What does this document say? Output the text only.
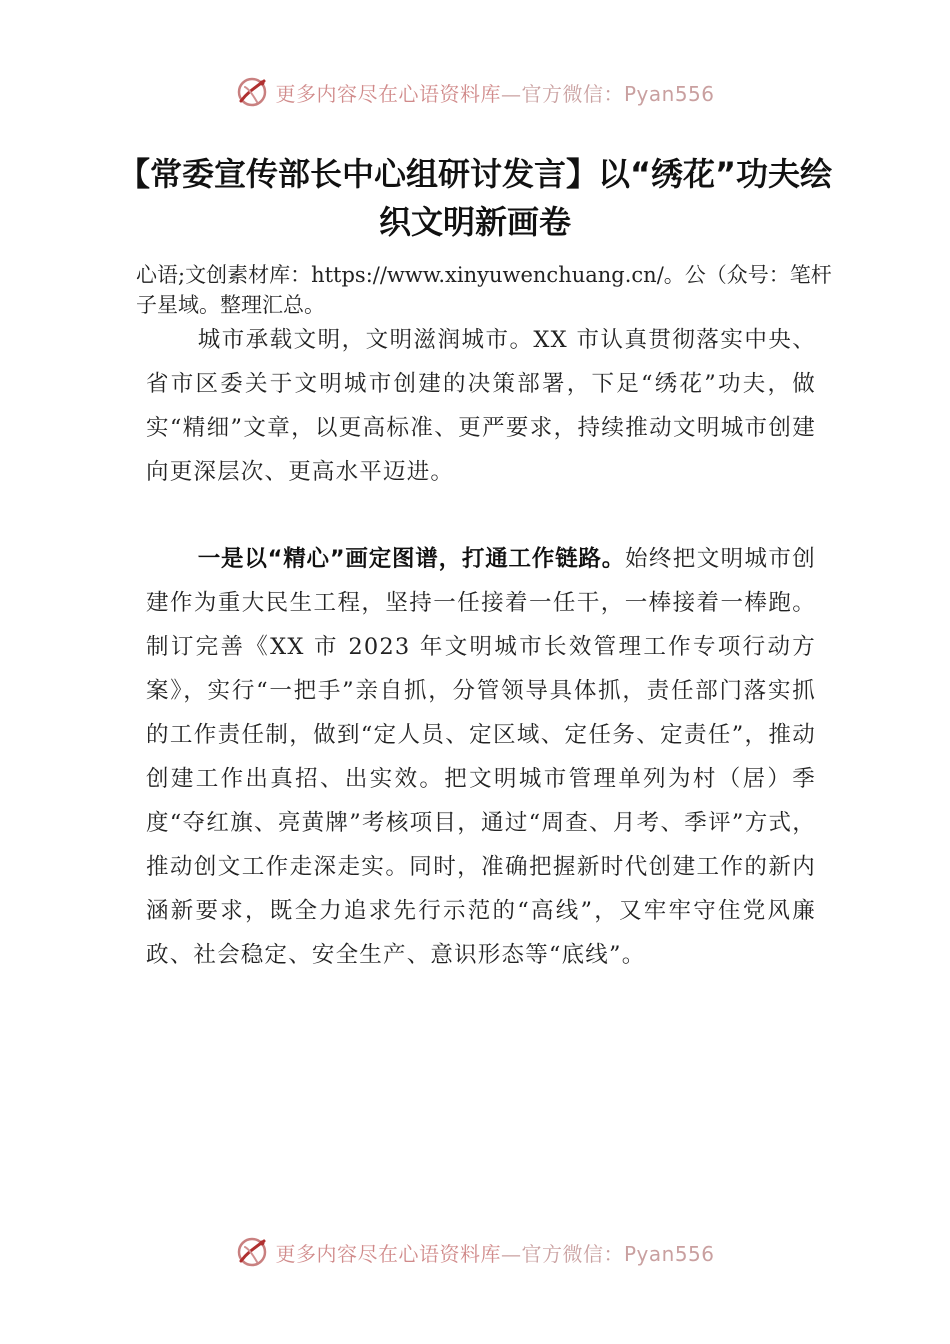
更多内容尽在心语资料库—官方微信：Pyan556
【常委宣传部长中心组研讨发言】以“绣花”功夫绘织文明新画卷
心语;文创素材库：https://www.xinyuwenchuang.cn/。公（众号：笔杆子星域。整理汇总。

城市承载文明，文明滋润城市。XX 市认真贯彻落实中央、省市区委关于文明城市创建的决策部署，下足“绣花”功夫，做实“精细”文章，以更高标准、更严要求，持续推动文明城市创建向更深层次、更高水平迈进。

一是以“精心”画定图谱，打通工作链路。始终把文明城市创建作为重大民生工程，坚持一任接着一任干，一棒接着一棒跑。制订完善《XX 市 2023 年文明城市长效管理工作专项行动方案》，实行“一把手”亲自抓，分管领导具体抓，责任部门落实抓的工作责任制，做到“定人员、定区域、定任务、定责任”，推动创建工作出真招、出实效。把文明城市管理单列为村（居）季度“夺红旗、亮黄牌”考核项目，通过“周查、月考、季评”方式， 推动创文工作走深走实。同时，准确把握新时代创建工作的新内涵新要求，既全力追求先行示范的“高线”，又牢牢守住党风廉政、社会稳定、安全生产、意识形态等“底线”。

更多内容尽在心语资料库—官方微信：Pyan556
